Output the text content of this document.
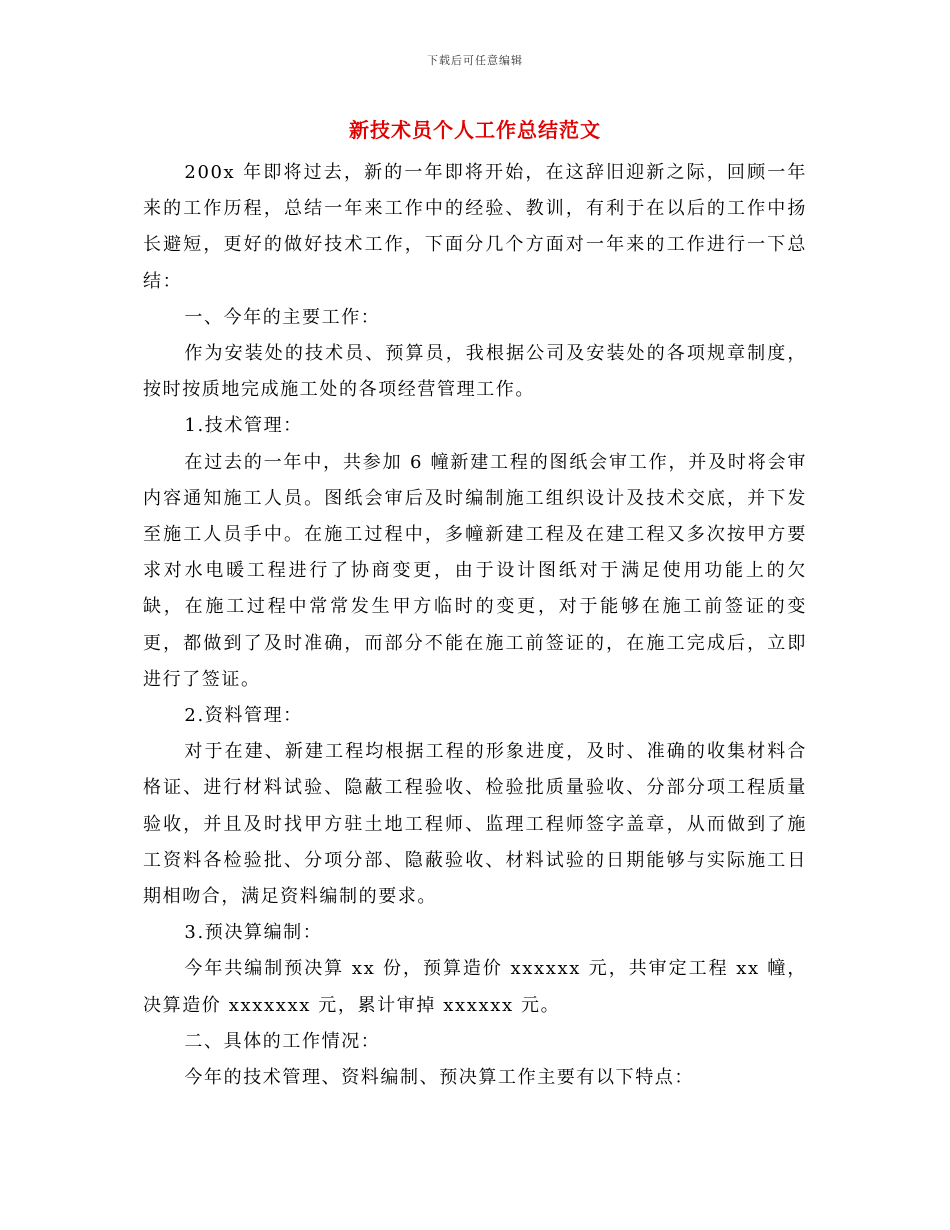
下载后可任意编辑
新技术员个人工作总结范文

200x 年即将过去，新的一年即将开始，在这辞旧迎新之际，回顾一年来的工作历程，总结一年来工作中的经验、教训，有利于在以后的工作中扬长避短，更好的做好技术工作，下面分几个方面对一年来的工作进行一下总结：

一、今年的主要工作：

作为安装处的技术员、预算员，我根据公司及安装处的各项规章制度，按时按质地完成施工处的各项经营管理工作。

1.技术管理：

在过去的一年中，共参加 6 幢新建工程的图纸会审工作，并及时将会审内容通知施工人员。图纸会审后及时编制施工组织设计及技术交底，并下发至施工人员手中。在施工过程中，多幢新建工程及在建工程又多次按甲方要求对水电暖工程进行了协商变更，由于设计图纸对于满足使用功能上的欠缺，在施工过程中常常发生甲方临时的变更，对于能够在施工前签证的变更，都做到了及时准确，而部分不能在施工前签证的，在施工完成后，立即进行了签证。

2.资料管理：

对于在建、新建工程均根据工程的形象进度，及时、准确的收集材料合格证、进行材料试验、隐蔽工程验收、检验批质量验收、分部分项工程质量验收，并且及时找甲方驻土地工程师、监理工程师签字盖章，从而做到了施工资料各检验批、分项分部、隐蔽验收、材料试验的日期能够与实际施工日期相吻合，满足资料编制的要求。

3.预决算编制：

今年共编制预决算 xx 份，预算造价 xxxxxx 元，共审定工程 xx 幢，决算造价 xxxxxxx 元，累计审掉 xxxxxx 元。

二、具体的工作情况：

今年的技术管理、资料编制、预决算工作主要有以下特点：
